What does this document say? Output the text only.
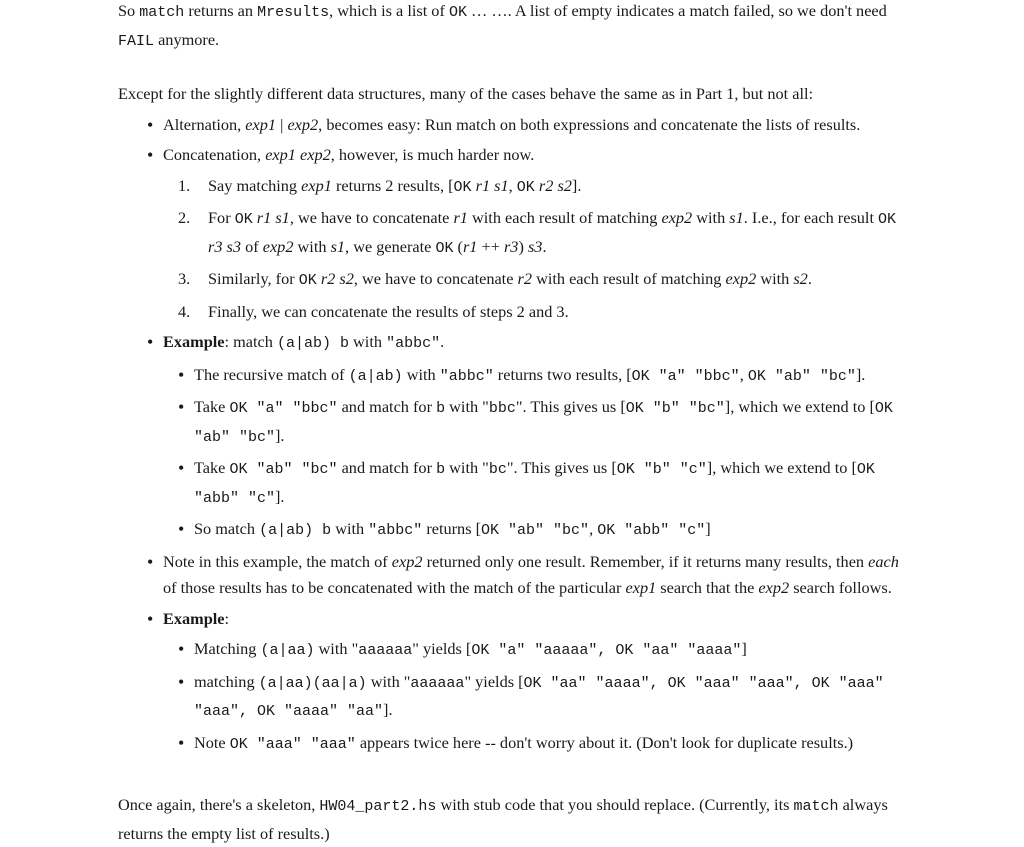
So match returns an Mresults, which is a list of OK … …. A list of empty indicates a match failed, so we don't need FAIL anymore.

Except for the slightly different data structures, many of the cases behave the same as in Part 1, but not all:

• Alternation, exp1 | exp2, becomes easy: Run match on both expressions and concatenate the lists of results.
• Concatenation, exp1 exp2, however, is much harder now.
1. Say matching exp1 returns 2 results, [OK r1 s1, OK r2 s2].
2. For OK r1 s1, we have to concatenate r1 with each result of matching exp2 with s1. I.e., for each result OK r3 s3 of exp2 with s1, we generate OK (r1 ++ r3) s3.
3. Similarly, for OK r2 s2, we have to concatenate r2 with each result of matching exp2 with s2.
4. Finally, we can concatenate the results of steps 2 and 3.
• Example: match (a|ab) b with "abbc".
• The recursive match of (a|ab) with "abbc" returns two results, [OK "a" "bbc", OK "ab" "bc"].
• Take OK "a" "bbc" and match for b with "bbc". This gives us [OK "b" "bc"], which we extend to [OK "ab" "bc"].
• Take OK "ab" "bc" and match for b with "bc". This gives us [OK "b" "c"], which we extend to [OK "abb" "c"].
• So match (a|ab) b with "abbc" returns [OK "ab" "bc", OK "abb" "c"]
• Note in this example, the match of exp2 returned only one result. Remember, if it returns many results, then each of those results has to be concatenated with the match of the particular exp1 search that the exp2 search follows.
• Example:
• Matching (a|aa) with "aaaaaa" yields [OK "a" "aaaaa", OK "aa" "aaaa"]
• matching (a|aa)(aa|a) with "aaaaaa" yields [OK "aa" "aaaa", OK "aaa" "aaa", OK "aaa" "aaa", OK "aaaa" "aa"].
• Note OK "aaa" "aaa" appears twice here -- don't worry about it. (Don't look for duplicate results.)

Once again, there's a skeleton, HW04_part2.hs with stub code that you should replace. (Currently, its match always returns the empty list of results.)
